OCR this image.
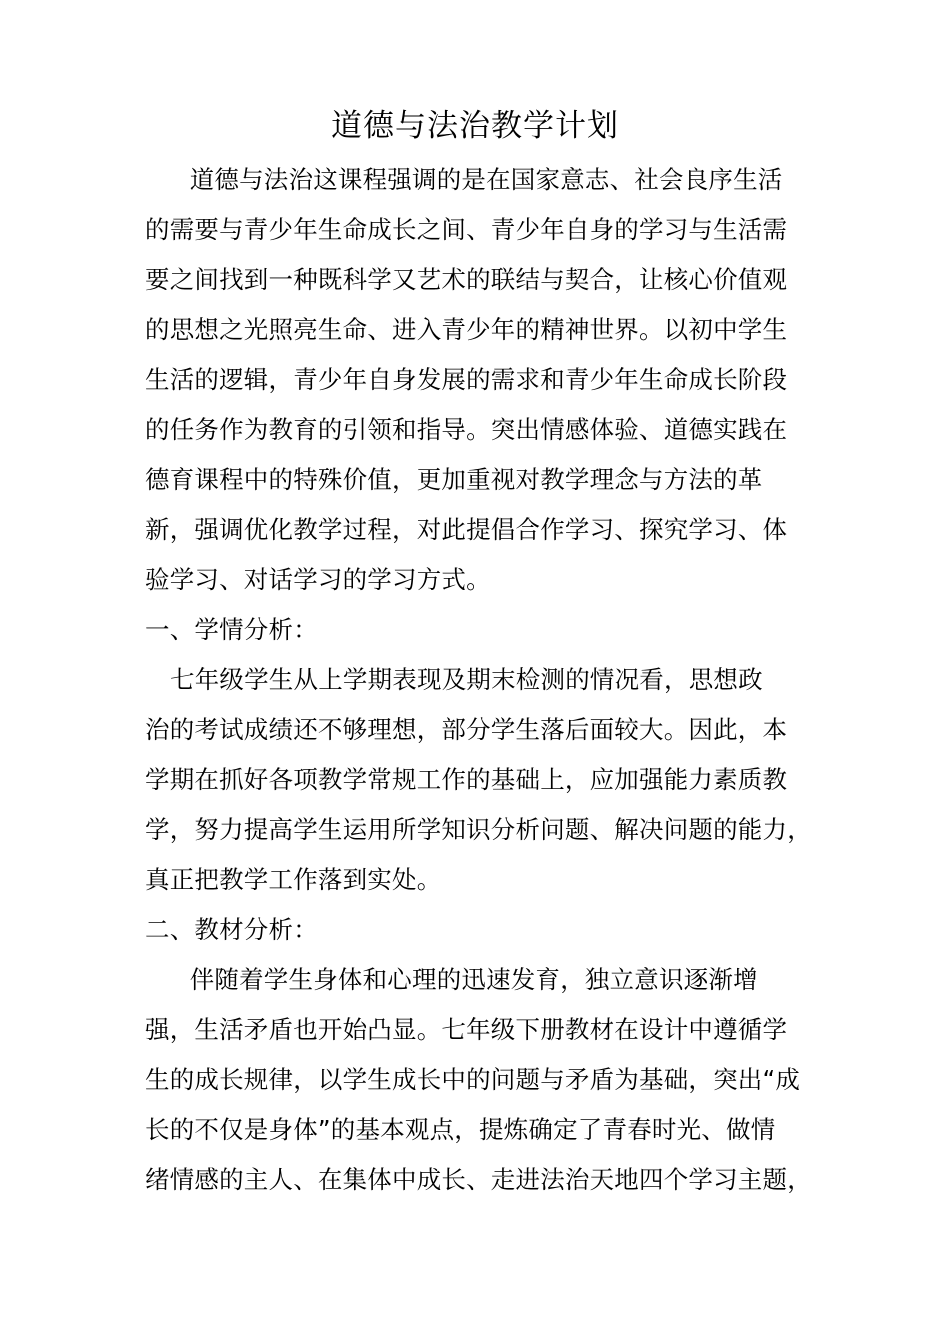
道德与法治教学计划
　道德与法治这课程强调的是在国家意志、社会良序生活
的需要与青少年生命成长之间、青少年自身的学习与生活需
要之间找到一种既科学又艺术的联结与契合，让核心价值观
的思想之光照亮生命、进入青少年的精神世界。以初中学生
生活的逻辑，青少年自身发展的需求和青少年生命成长阶段
的任务作为教育的引领和指导。突出情感体验、道德实践在
德育课程中的特殊价值，更加重视对教学理念与方法的革
新，强调优化教学过程，对此提倡合作学习、探究学习、体
验学习、对话学习的学习方式。
一、学情分析：
七年级学生从上学期表现及期末检测的情况看，思想政
治的考试成绩还不够理想，部分学生落后面较大。因此，本
学期在抓好各项教学常规工作的基础上，应加强能力素质教
学，努力提高学生运用所学知识分析问题、解决问题的能力，
真正把教学工作落到实处。
二、教材分析：
　伴随着学生身体和心理的迅速发育，独立意识逐渐增
强，生活矛盾也开始凸显。七年级下册教材在设计中遵循学
生的成长规律，以学生成长中的问题与矛盾为基础，突出“成
长的不仅是身体”的基本观点，提炼确定了青春时光、做情
绪情感的主人、在集体中成长、走进法治天地四个学习主题，
